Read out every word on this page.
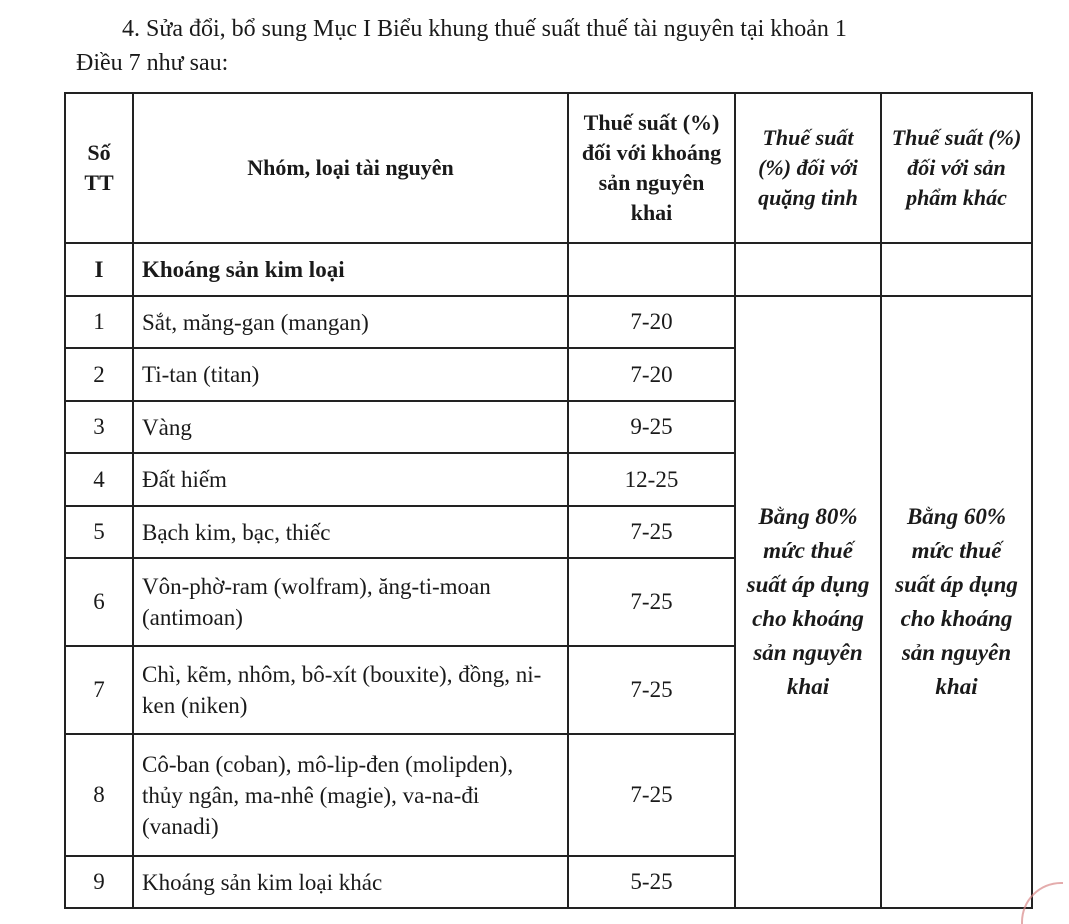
4. Sửa đổi, bổ sung Mục I Biểu khung thuế suất thuế tài nguyên tại khoản 1
Điều 7 như sau:

Số TT	Nhóm, loại tài nguyên	Thuế suất (%) đối với khoáng sản nguyên khai	Thuế suất (%) đối với quặng tinh	Thuế suất (%) đối với sản phẩm khác
I	Khoáng sản kim loại			
1	Sắt, măng-gan (mangan)	7-20	Bằng 80% mức thuế suất áp dụng cho khoáng sản nguyên khai	Bằng 60% mức thuế suất áp dụng cho khoáng sản nguyên khai
2	Ti-tan (titan)	7-20		
3	Vàng	9-25		
4	Đất hiếm	12-25		
5	Bạch kim, bạc, thiếc	7-25		
6	Vôn-phờ-ram (wolfram), ăng-ti-moan (antimoan)	7-25		
7	Chì, kẽm, nhôm, bô-xít (bouxite), đồng, ni-ken (niken)	7-25		
8	Cô-ban (coban), mô-lip-đen (molipden), thủy ngân, ma-nhê (magie), va-na-đi (vanadi)	7-25		
9	Khoáng sản kim loại khác	5-25		
